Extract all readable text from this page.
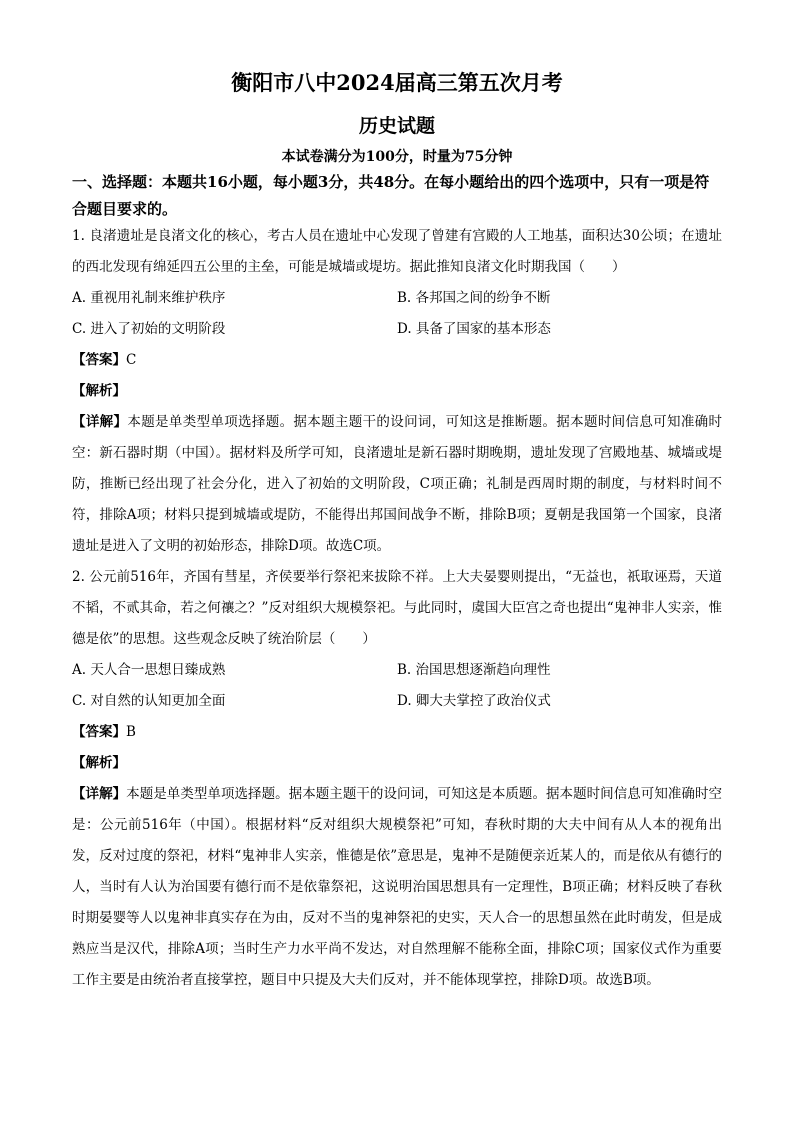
衡阳市八中2024届高三第五次月考
历史试题
本试卷满分为100分，时量为75分钟
一、选择题：本题共16小题，每小题3分，共48分。在每小题给出的四个选项中，只有一项是符合题目要求的。

1. 良渚遗址是良渚文化的核心，考古人员在遗址中心发现了曾建有宫殿的人工地基，面积达30公顷；在遗址的西北发现有绵延四五公里的主垒，可能是城墙或堤坊。据此推知良渚文化时期我国（　　）

A. 重视用礼制来维护秩序	B. 各邦国之间的纷争不断

C. 进入了初始的文明阶段	D. 具备了国家的基本形态

【答案】C

【解析】

【详解】本题是单类型单项选择题。据本题主题干的设问词，可知这是推断题。据本题时间信息可知准确时空：新石器时期（中国）。据材料及所学可知，良渚遗址是新石器时期晚期，遗址发现了宫殿地基、城墙或堤防，推断已经出现了社会分化，进入了初始的文明阶段，C项正确；礼制是西周时期的制度，与材料时间不符，排除A项；材料只提到城墙或堤防，不能得出邦国间战争不断，排除B项；夏朝是我国第一个国家，良渚遗址是进入了文明的初始形态，排除D项。故选C项。

2. 公元前516年，齐国有彗星，齐侯要举行祭祀来拔除不祥。上大夫晏婴则提出，“无益也，祇取诬焉，天道不韬，不贰其命，若之何禳之？”反对组织大规模祭祀。与此同时，虞国大臣宫之奇也提出“鬼神非人实亲，惟德是依”的思想。这些观念反映了统治阶层（　　）

A. 天人合一思想日臻成熟	B. 治国思想逐渐趋向理性

C. 对自然的认知更加全面	D. 卿大夫掌控了政治仪式

【答案】B

【解析】

【详解】本题是单类型单项选择题。据本题主题干的设问词，可知这是本质题。据本题时间信息可知准确时空是：公元前516年（中国）。根据材料“反对组织大规模祭祀”可知，春秋时期的大夫中间有从人本的视角出发，反对过度的祭祀，材料“鬼神非人实亲，惟德是依”意思是，鬼神不是随便亲近某人的，而是依从有德行的人，当时有人认为治国要有德行而不是依靠祭祀，这说明治国思想具有一定理性，B项正确；材料反映了春秋时期晏婴等人以鬼神非真实存在为由，反对不当的鬼神祭祀的史实，天人合一的思想虽然在此时萌发，但是成熟应当是汉代，排除A项；当时生产力水平尚不发达，对自然理解不能称全面，排除C项；国家仪式作为重要工作主要是由统治者直接掌控，题目中只提及大夫们反对，并不能体现掌控，排除D项。故选B项。
